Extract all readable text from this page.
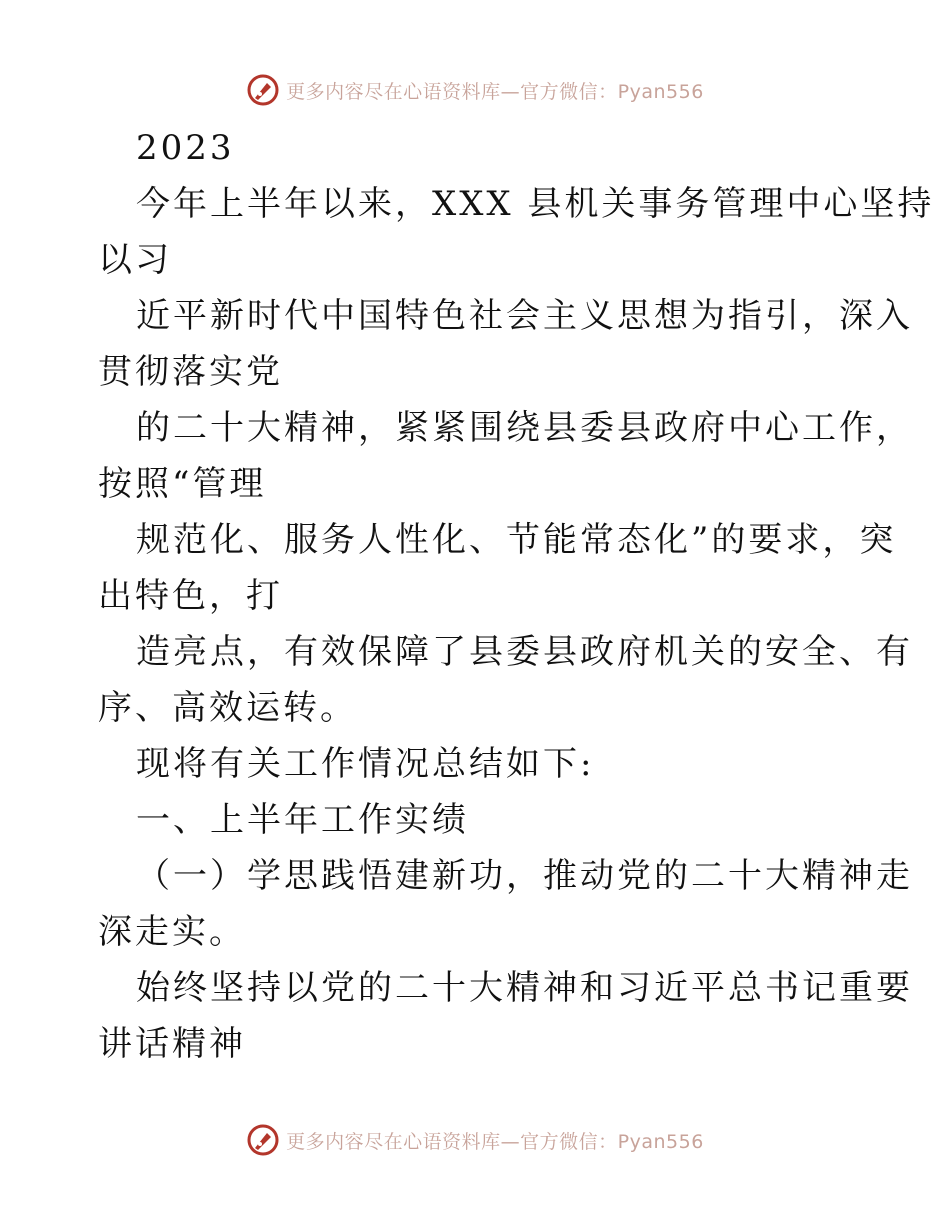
更多内容尽在心语资料库—官方微信：Pyan556
2023
今年上半年以来，XXX 县机关事务管理中心坚持
以习
近平新时代中国特色社会主义思想为指引，深入
贯彻落实党
的二十大精神，紧紧围绕县委县政府中心工作，
按照“管理
规范化、服务人性化、节能常态化”的要求，突
出特色，打
造亮点，有效保障了县委县政府机关的安全、有
序、高效运转。
现将有关工作情况总结如下:
一、上半年工作实绩
（一）学思践悟建新功，推动党的二十大精神走
深走实。
始终坚持以党的二十大精神和习近平总书记重要
讲话精神
更多内容尽在心语资料库—官方微信：Pyan556
